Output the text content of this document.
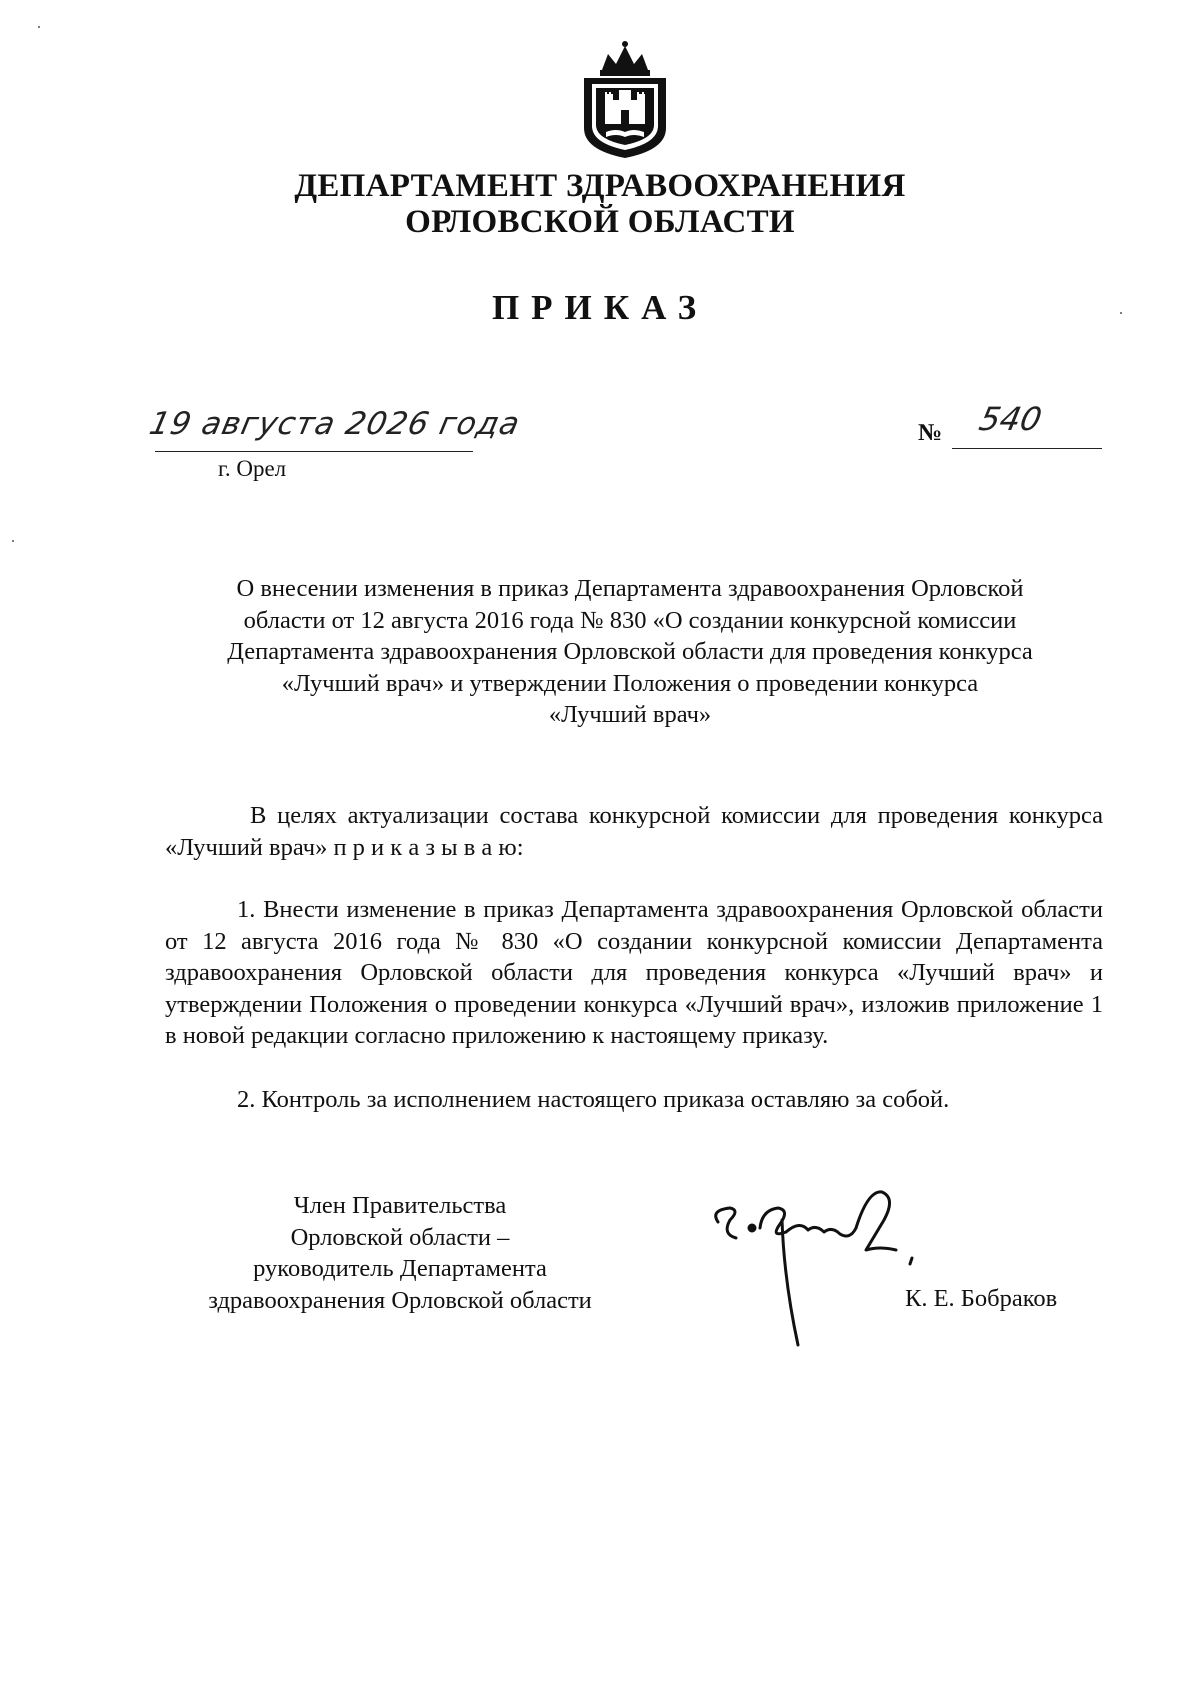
ДЕПАРТАМЕНТ ЗДРАВООХРАНЕНИЯ
ОРЛОВСКОЙ ОБЛАСТИ
ПРИКАЗ
19 августа 2026 года
г. Орел
№ 540
О внесении изменения в приказ Департамента здравоохранения Орловской
области от 12 августа 2016 года № 830 «О создании конкурсной комиссии
Департамента здравоохранения Орловской области для проведения конкурса
«Лучший врач» и утверждении Положения о проведении конкурса
«Лучший врач»
В целях актуализации состава конкурсной комиссии для проведения конкурса «Лучший врач» п р и к а з ы в а ю:
1. Внести изменение в приказ Департамента здравоохранения Орловской области от 12 августа 2016 года № 830 «О создании конкурсной комиссии Департамента здравоохранения Орловской области для проведения конкурса «Лучший врач» и утверждении Положения о проведении конкурса «Лучший врач», изложив приложение 1 в новой редакции согласно приложению к настоящему приказу.
2. Контроль за исполнением настоящего приказа оставляю за собой.
Член Правительства
Орловской области –
руководитель Департамента
здравоохранения Орловской области	К. Е. Бобраков
